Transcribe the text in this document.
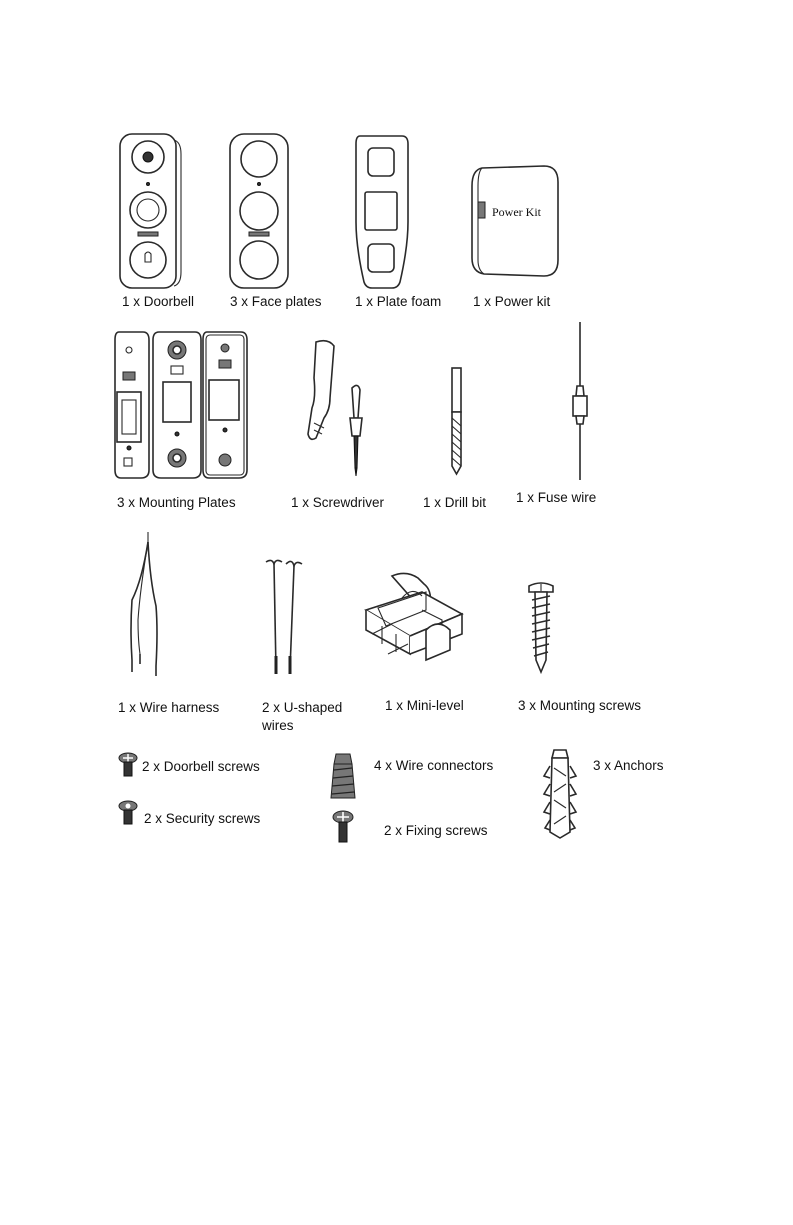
1 x Doorbell	3 x Face plates 1 x Plate foam
Power Kit
1 x Power kit
3 x Mounting Plates	1 x Screwdriver	1 x Drill bit 1 x Fuse wire
1 x Wire harness	2 x U-shaped wires
1 x Mini-level	3 x Mounting screws
2 x Doorbell screws
2 x Security screws
4 x Wire connectors
2 x Fixing screws
3 x Anchors
